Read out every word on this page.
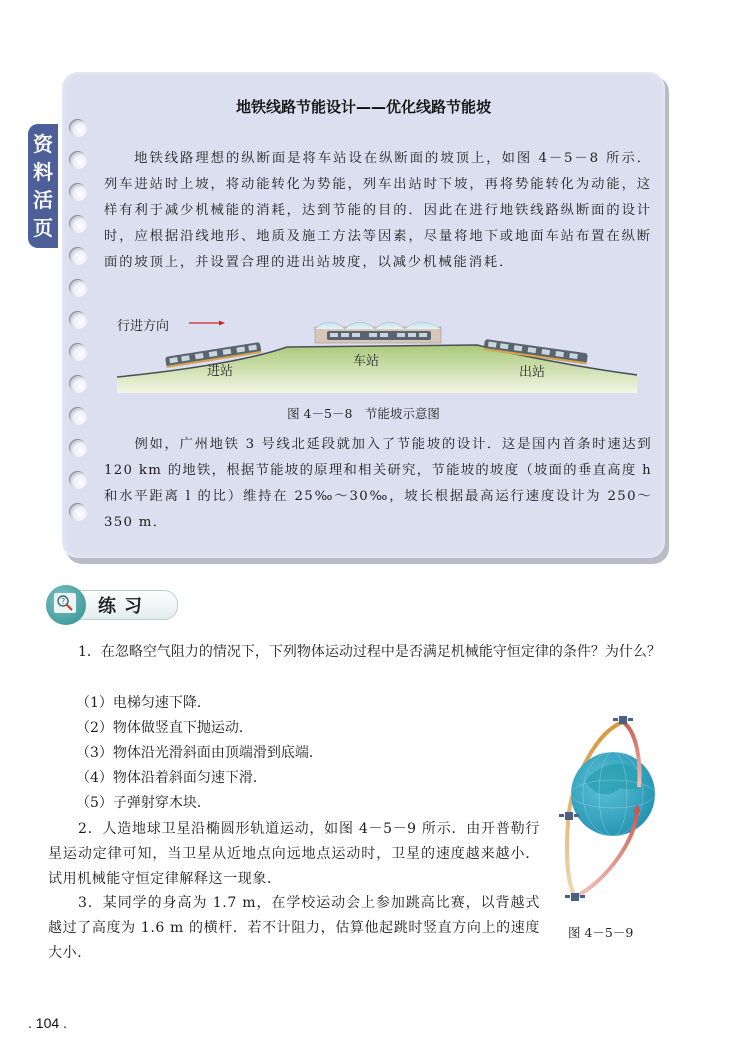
资
料
活
页
地铁线路节能设计——优化线路节能坡
地铁线路理想的纵断面是将车站设在纵断面的坡顶上，如图 4－5－8 所示．列车进站时上坡，将动能转化为势能，列车出站时下坡，再将势能转化为动能，这样有利于减少机械能的消耗，达到节能的目的．因此在进行地铁线路纵断面的设计时，应根据沿线地形、地质及施工方法等因素，尽量将地下或地面车站布置在纵断面的坡顶上，并设置合理的进出站坡度，以减少机械能消耗．
行进方向
进站
车站
出站
图 4－5－8　节能坡示意图
例如，广州地铁 3 号线北延段就加入了节能坡的设计．这是国内首条时速达到 120 km 的地铁，根据节能坡的原理和相关研究，节能坡的坡度（坡面的垂直高度 h 和水平距离 l 的比）维持在 25‰～30‰，坡长根据最高运行速度设计为 250～350 m．
? 练习
1．在忽略空气阻力的情况下，下列物体运动过程中是否满足机械能守恒定律的条件？为什么？
（1）电梯匀速下降．
（2）物体做竖直下抛运动．
（3）物体沿光滑斜面由顶端滑到底端．
（4）物体沿着斜面匀速下滑．
（5）子弹射穿木块．
2．人造地球卫星沿椭圆形轨道运动，如图 4－5－9 所示．由开普勒行星运动定律可知，当卫星从近地点向远地点运动时，卫星的速度越来越小．试用机械能守恒定律解释这一现象．
3．某同学的身高为 1.7 m，在学校运动会上参加跳高比赛，以背越式越过了高度为 1.6 m 的横杆．若不计阻力，估算他起跳时竖直方向上的速度大小．
图 4－5－9
. 104 .
